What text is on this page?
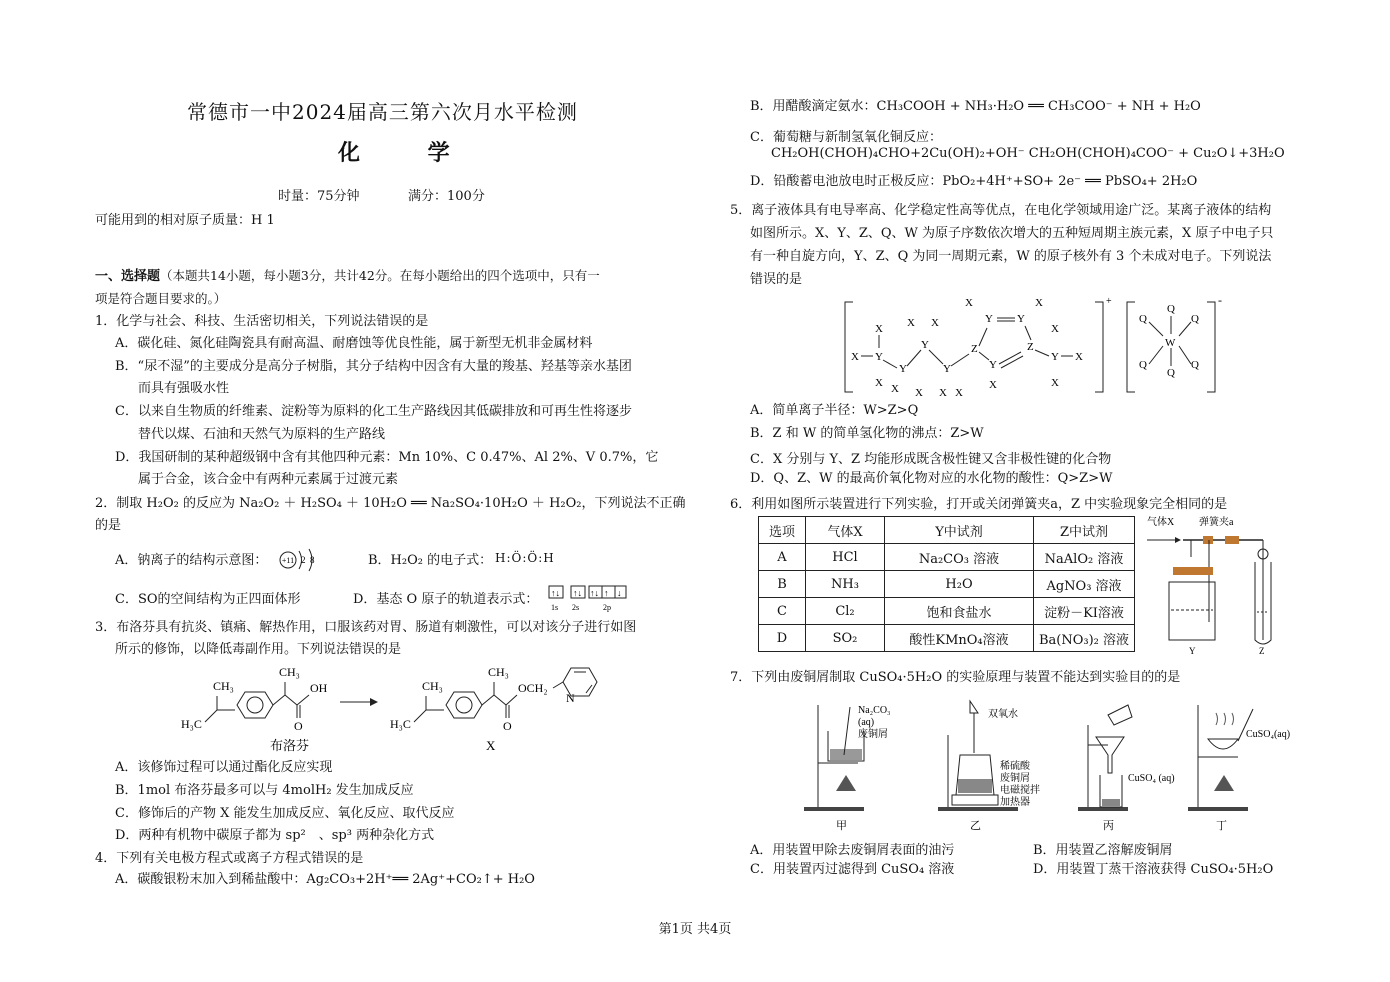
常德市一中2024届高三第六次月水平检测
化 学
时量：75分钟	满分：100分
可能用到的相对原子质量：H 1
一、选择题（本题共14小题，每小题3分，共计42分。在每小题给出的四个选项中，只有一
项是符合题目要求的。）
1．化学与社会、科技、生活密切相关，下列说法错误的是
A．碳化硅、氮化硅陶瓷具有耐高温、耐磨蚀等优良性能，属于新型无机非金属材料
B．“尿不湿”的主要成分是高分子树脂，其分子结构中因含有大量的羧基、羟基等亲水基团
而具有强吸水性
C．以来自生物质的纤维素、淀粉等为原料的化工生产路线因其低碳排放和可再生性将逐步
替代以煤、石油和天然气为原料的生产路线
D．我国研制的某种超级钢中含有其他四种元素：Mn 10%、C 0.47%、Al 2%、V 0.7%，它
属于合金，该合金中有两种元素属于过渡元素
2．制取 H₂O₂ 的反应为 Na₂O₂ ＋ H₂SO₄ ＋ 10H₂O ══ Na₂SO₄·10H₂O ＋ H₂O₂，下列说法不正确
的是
A．钠离子的结构示意图： +11 2 8	B．H₂O₂ 的电子式： H:Ö:Ö:H
C．SO的空间结构为正四面体形	D．基态 O 原子的轨道表示式： ↑↓ ↑↓ ↑↓ ↑ ↓
1s 2s	2p
3．布洛芬具有抗炎、镇痛、解热作用，口服该药对胃、肠道有刺激性，可以对该分子进行如图
所示的修饰，以降低毒副作用。下列说法错误的是
H₃C
CH₃
CH₃
O
OH
布洛芬
H₃C
CH₃
CH₃
O
OCH₂
N
X
A．该修饰过程可以通过酯化反应实现
B．1mol 布洛芬最多可以与 4molH₂ 发生加成反应
C．修饰后的产物 X 能发生加成反应、氧化反应、取代反应
D．两种有机物中碳原子都为 sp²　、sp³ 两种杂化方式
4．下列有关电极方程式或离子方程式错误的是
A．碳酸银粉末加入到稀盐酸中：Ag₂CO₃+2H⁺══ 2Ag⁺+CO₂↑+ H₂O
B．用醋酸滴定氨水：CH₃COOH + NH₃·H₂O ══ CH₃COO⁻ + NH + H₂O
C．葡萄糖与新制氢氧化铜反应：
CH₂OH(CHOH)₄CHO+2Cu(OH)₂+OH⁻ CH₂OH(CHOH)₄COO⁻ + Cu₂O↓+3H₂O
D．铅酸蓄电池放电时正极反应：PbO₂+4H⁺+SO+ 2e⁻ ══ PbSO₄+ 2H₂O
5．离子液体具有电导率高、化学稳定性高等优点，在电化学领域用途广泛。某离子液体的结构
如图所示。X、Y、Z、Q、W 为原子序数依次增大的五种短周期主族元素，X 原子中电子只
有一种自旋方向，Y、Z、Q 为同一周期元素，W 的原子核外有 3 个未成对电子。下列说法
错误的是
+
X Y
X
X
Y
X
X X
Y
X
Y
X X
Z
Y
X
Y
X
Z
Y
X
Y
X
X
X
-
W
Q
Q
Q	Q
Q	Q
A．简单离子半径：W>Z>Q
B．Z 和 W 的简单氢化物的沸点：Z>W
C．X 分别与 Y、Z 均能形成既含极性键又含非极性键的化合物
D．Q、Z、W 的最高价氧化物对应的水化物的酸性：Q>Z>W
6．利用如图所示装置进行下列实验，打开或关闭弹簧夹a，Z 中实验现象完全相同的是
选项	气体X	Y中试剂	Z中试剂
A	HCl	Na₂CO₃ 溶液	NaAlO₂ 溶液
B	NH₃	H₂O	AgNO₃ 溶液
C	Cl₂	饱和食盐水	淀粉－KI溶液
D	SO₂	酸性KMnO₄溶液	Ba(NO₃)₂ 溶液
气体X 弹簧夹a
Y	Z
7．下列由废铜屑制取 CuSO₄·5H₂O 的实验原理与装置不能达到实验目的的是
Na₂CO₃
(aq)
废铜屑
甲
双氧水
稀硫酸
废铜屑
电磁搅拌
加热器
乙
CuSO₄ (aq)
丙
CuSO₄(aq)
丁
A．用装置甲除去废铜屑表面的油污	B．用装置乙溶解废铜屑
C．用装置丙过滤得到 CuSO₄ 溶液	D．用装置丁蒸干溶液获得 CuSO₄·5H₂O
第1页 共4页
